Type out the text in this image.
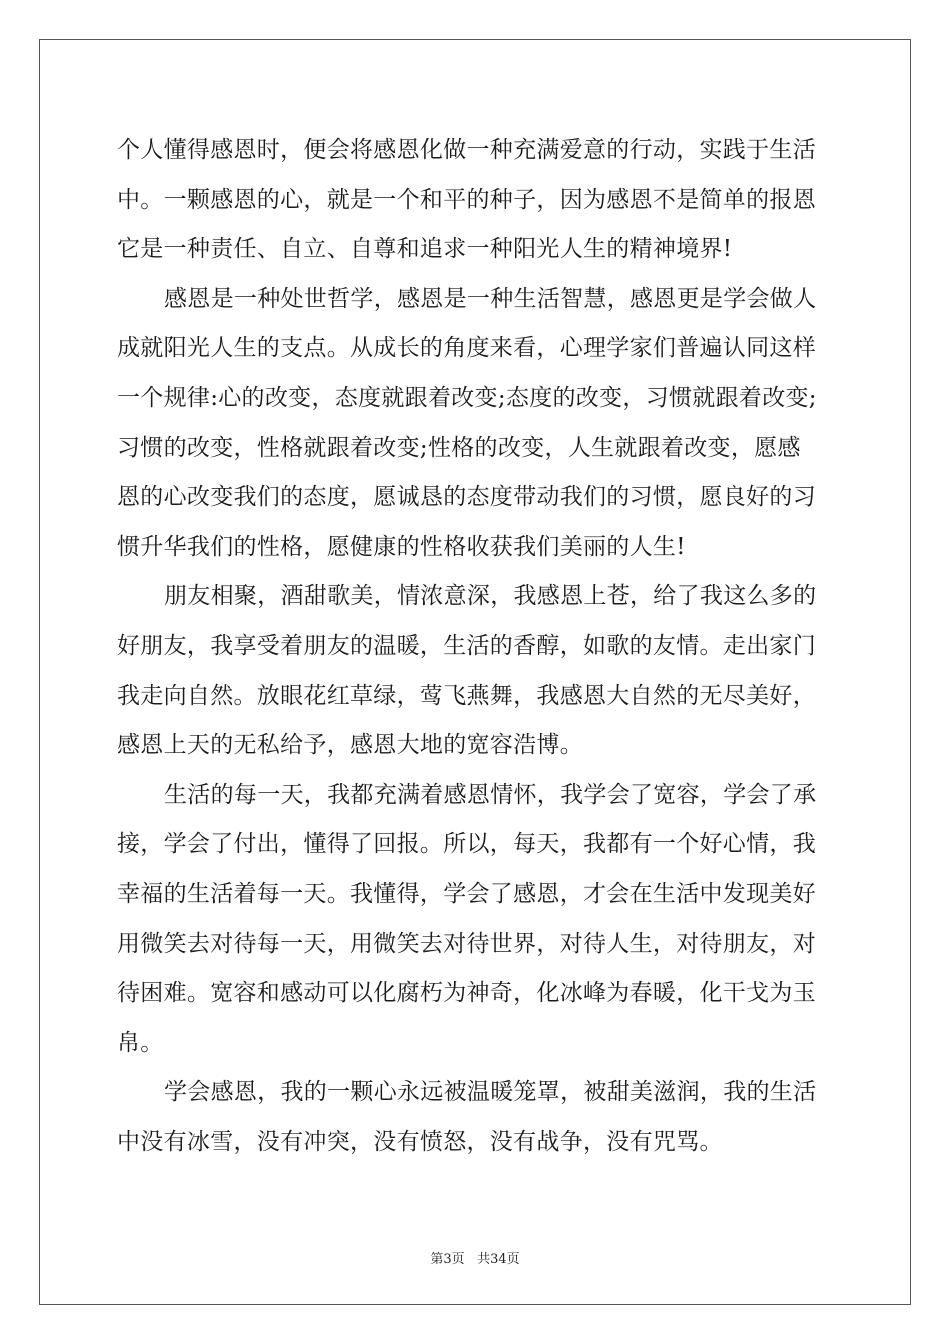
个人懂得感恩时，便会将感恩化做一种充满爱意的行动，实践于生活
中。一颗感恩的心，就是一个和平的种子，因为感恩不是简单的报恩
它是一种责任、自立、自尊和追求一种阳光人生的精神境界!
感恩是一种处世哲学，感恩是一种生活智慧，感恩更是学会做人
成就阳光人生的支点。从成长的角度来看，心理学家们普遍认同这样
一个规律:心的改变，态度就跟着改变;态度的改变，习惯就跟着改变;
习惯的改变，性格就跟着改变;性格的改变，人生就跟着改变，愿感
恩的心改变我们的态度，愿诚恳的态度带动我们的习惯，愿良好的习
惯升华我们的性格，愿健康的性格收获我们美丽的人生!
朋友相聚，酒甜歌美，情浓意深，我感恩上苍，给了我这么多的
好朋友，我享受着朋友的温暖，生活的香醇，如歌的友情。走出家门
我走向自然。放眼花红草绿，莺飞燕舞，我感恩大自然的无尽美好，
感恩上天的无私给予，感恩大地的宽容浩博。
生活的每一天，我都充满着感恩情怀，我学会了宽容，学会了承
接，学会了付出，懂得了回报。所以，每天，我都有一个好心情，我
幸福的生活着每一天。我懂得，学会了感恩，才会在生活中发现美好
用微笑去对待每一天，用微笑去对待世界，对待人生，对待朋友，对
待困难。宽容和感动可以化腐朽为神奇，化冰峰为春暖，化干戈为玉
帛。
学会感恩，我的一颗心永远被温暖笼罩，被甜美滋润，我的生活
中没有冰雪，没有冲突，没有愤怒，没有战争，没有咒骂。
第3页 共34页
